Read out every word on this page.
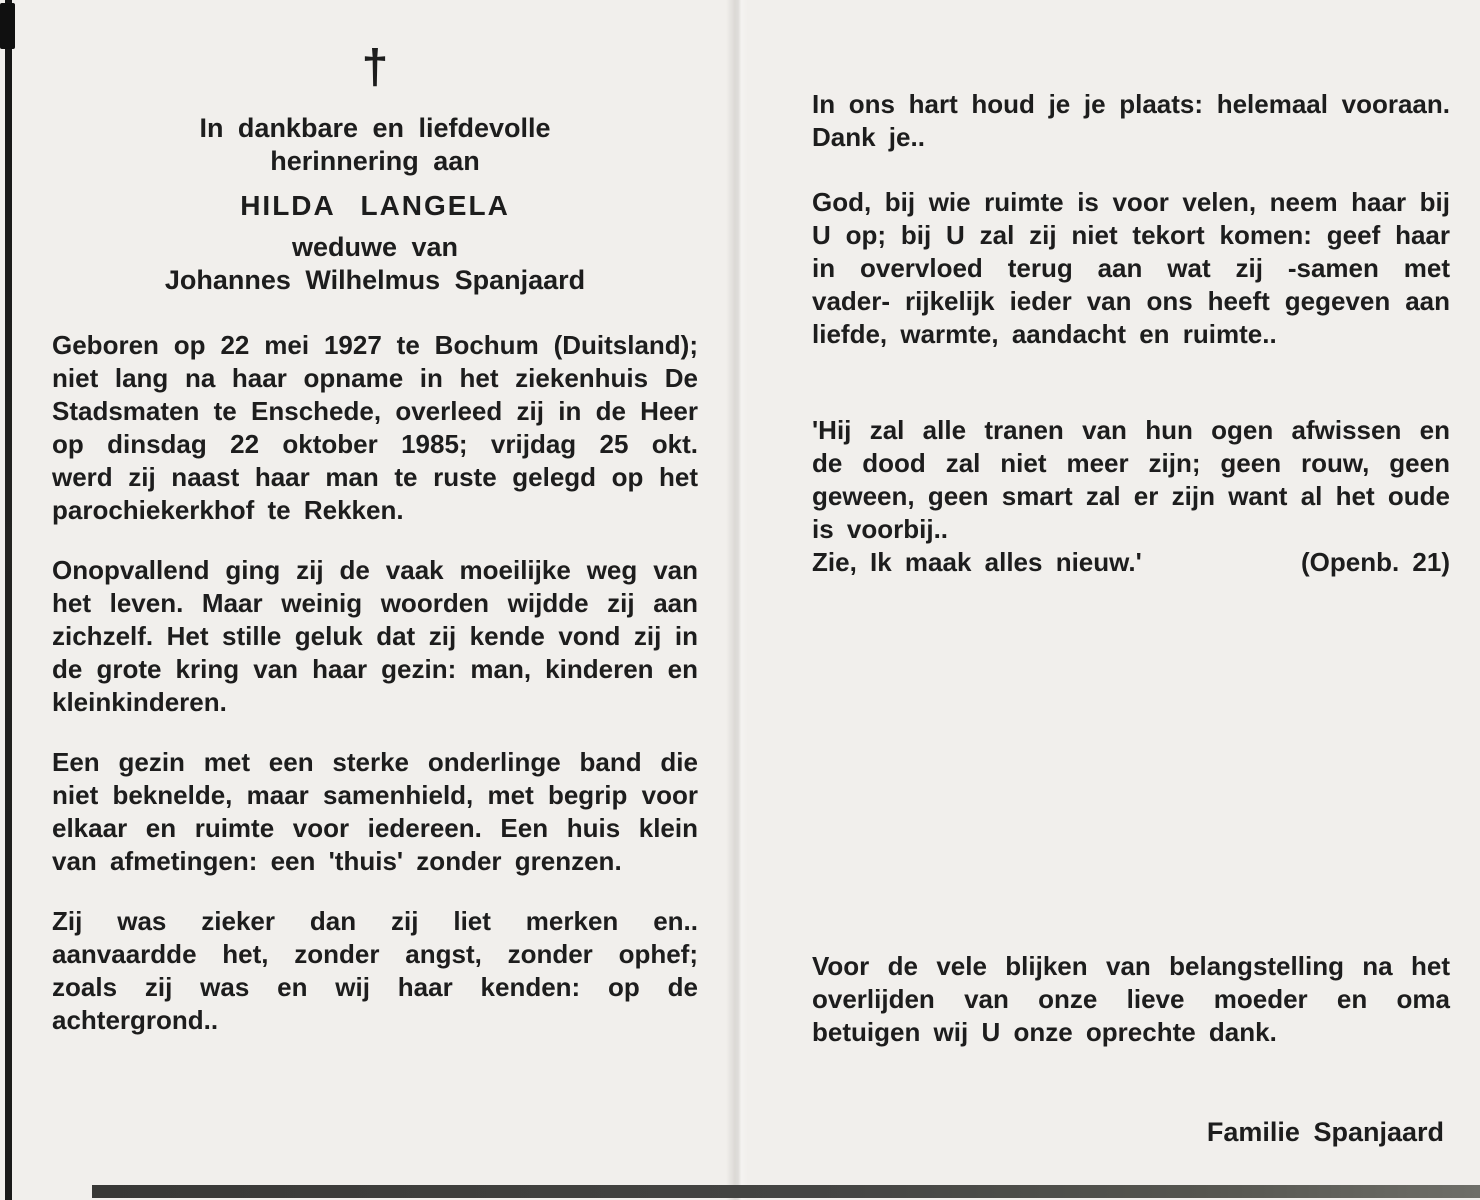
†
In dankbare en liefdevolle
herinnering aan
HILDA LANGELA
weduwe van
Johannes Wilhelmus Spanjaard

Geboren op 22 mei 1927 te Bochum (Duitsland); niet lang na haar opname in het ziekenhuis De Stadsmaten te Enschede, overleed zij in de Heer op dinsdag 22 oktober 1985; vrijdag 25 okt. werd zij naast haar man te ruste gelegd op het parochiekerkhof te Rekken.

Onopvallend ging zij de vaak moeilijke weg van het leven. Maar weinig woorden wijdde zij aan zichzelf. Het stille geluk dat zij kende vond zij in de grote kring van haar gezin: man, kinderen en kleinkinderen.

Een gezin met een sterke onderlinge band die niet beknelde, maar samenhield, met begrip voor elkaar en ruimte voor iedereen. Een huis klein van afmetingen: een 'thuis' zonder grenzen.

Zij was zieker dan zij liet merken en.. aanvaardde het, zonder angst, zonder ophef; zoals zij was en wij haar kenden: op de achtergrond..

In ons hart houd je je plaats: helemaal vooraan. Dank je..

God, bij wie ruimte is voor velen, neem haar bij U op; bij U zal zij niet tekort komen: geef haar in overvloed terug aan wat zij -samen met vader- rijkelijk ieder van ons heeft gegeven aan liefde, warmte, aandacht en ruimte..

'Hij zal alle tranen van hun ogen afwissen en de dood zal niet meer zijn; geen rouw, geen geween, geen smart zal er zijn want al het oude is voorbij..

Zie, Ik maak alles nieuw.'	(Openb. 21)

Voor de vele blijken van belangstelling na het overlijden van onze lieve moeder en oma betuigen wij U onze oprechte dank.

Familie Spanjaard
